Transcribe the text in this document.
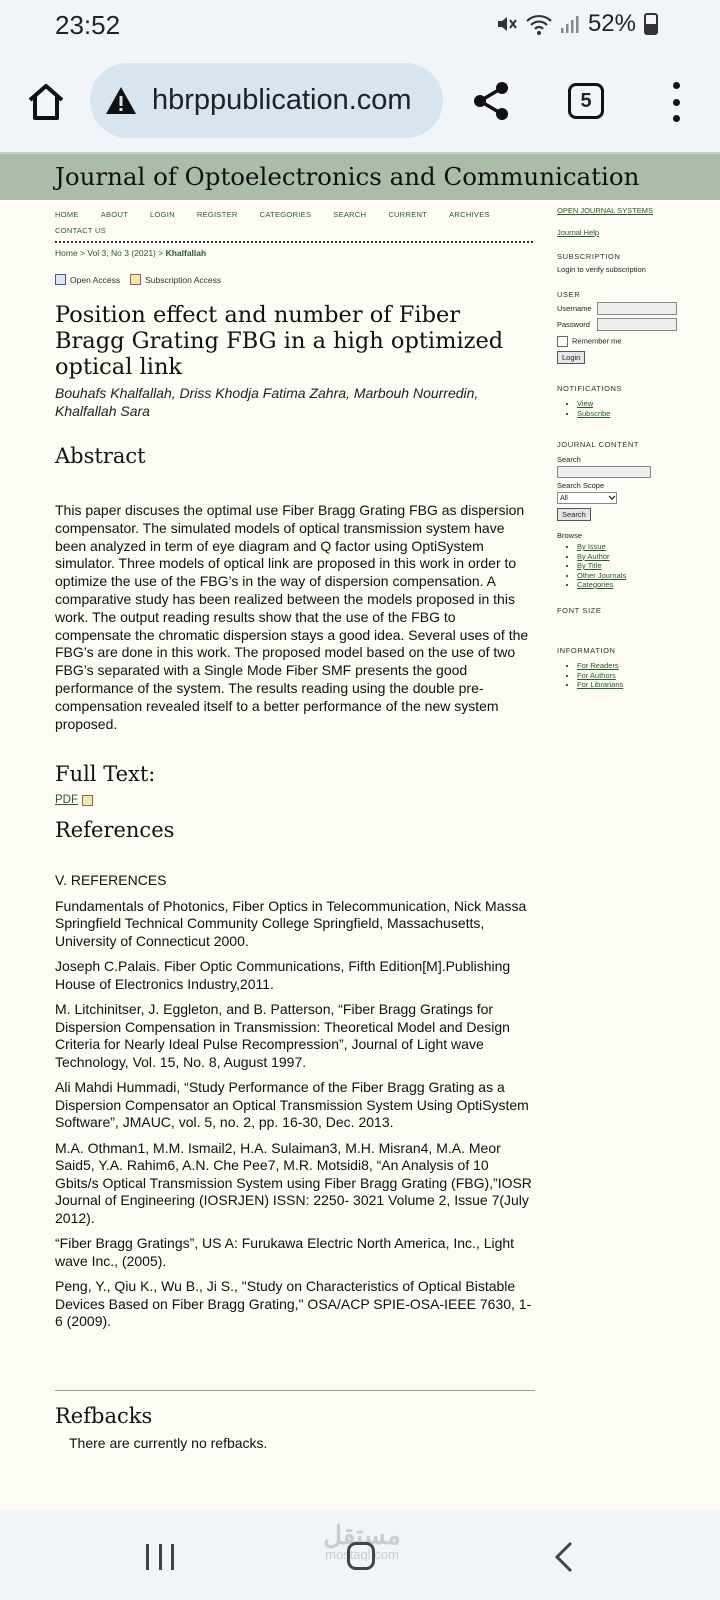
23:52	52%
hbrppublication.com	5
Journal of Optoelectronics and Communication
HOME	ABOUT	LOGIN	REGISTER	CATEGORIES	SEARCH	CURRENT	ARCHIVES
CONTACT US
Home > Vol 3, No 3 (2021) > Khalfallah
Open Access	Subscription Access
Position effect and number of Fiber Bragg Grating FBG in a high optimized optical link
Bouhafs Khalfallah, Driss Khodja Fatima Zahra, Marbouh Nourredin, Khalfallah Sara
Abstract
This paper discuses the optimal use Fiber Bragg Grating FBG as dispersion compensator. The simulated models of optical transmission system have been analyzed in term of eye diagram and Q factor using OptiSystem simulator. Three models of optical link are proposed in this work in order to optimize the use of the FBG’s in the way of dispersion compensation. A comparative study has been realized between the models proposed in this work. The output reading results show that the use of the FBG to compensate the chromatic dispersion stays a good idea. Several uses of the FBG’s are done in this work. The proposed model based on the use of two FBG’s separated with a Single Mode Fiber SMF presents the good performance of the system. The results reading using the double pre-compensation revealed itself to a better performance of the new system proposed.
Full Text:
PDF
References

V. REFERENCES

Fundamentals of Photonics, Fiber Optics in Telecommunication, Nick Massa Springfield Technical Community College Springfield, Massachusetts, University of Connecticut 2000.

Joseph C.Palais. Fiber Optic Communications, Fifth Edition[M].Publishing House of Electronics Industry,2011.

M. Litchinitser, J. Eggleton, and B. Patterson, “Fiber Bragg Gratings for Dispersion Compensation in Transmission: Theoretical Model and Design Criteria for Nearly Ideal Pulse Recompression”, Journal of Light wave Technology, Vol. 15, No. 8, August 1997.

Ali Mahdi Hummadi, “Study Performance of the Fiber Bragg Grating as a Dispersion Compensator an Optical Transmission System Using OptiSystem Software”, JMAUC, vol. 5, no. 2, pp. 16-30, Dec. 2013.

M.A. Othman1, M.M. Ismail2, H.A. Sulaiman3, M.H. Misran4, M.A. Meor Said5, Y.A. Rahim6, A.N. Che Pee7, M.R. Motsidi8, “An Analysis of 10 Gbits/s Optical Transmission System using Fiber Bragg Grating (FBG),”IOSR Journal of Engineering (IOSRJEN) ISSN: 2250- 3021 Volume 2, Issue 7(July 2012).

“Fiber Bragg Gratings”, US A: Furukawa Electric North America, Inc., Light wave Inc., (2005).

Peng, Y., Qiu K., Wu B., Ji S., "Study on Characteristics of Optical Bistable Devices Based on Fiber Bragg Grating," OSA/ACP SPIE-OSA-IEEE 7630, 1-6 (2009).

Refbacks
There are currently no refbacks.
OPEN JOURNAL SYSTEMS
Journal Help
SUBSCRIPTION
Login to verify subscription
USER
Username
Password
Remember me
Login
NOTIFICATIONS
• View
• Subscribe
JOURNAL CONTENT
Search
Search Scope
All
Search
Browse
• By Issue
• By Author
• By Title
• Other Journals
• Categories
FONT SIZE
INFORMATION
• For Readers
• For Authors
• For Librarians
مستقل
mostaql.com
